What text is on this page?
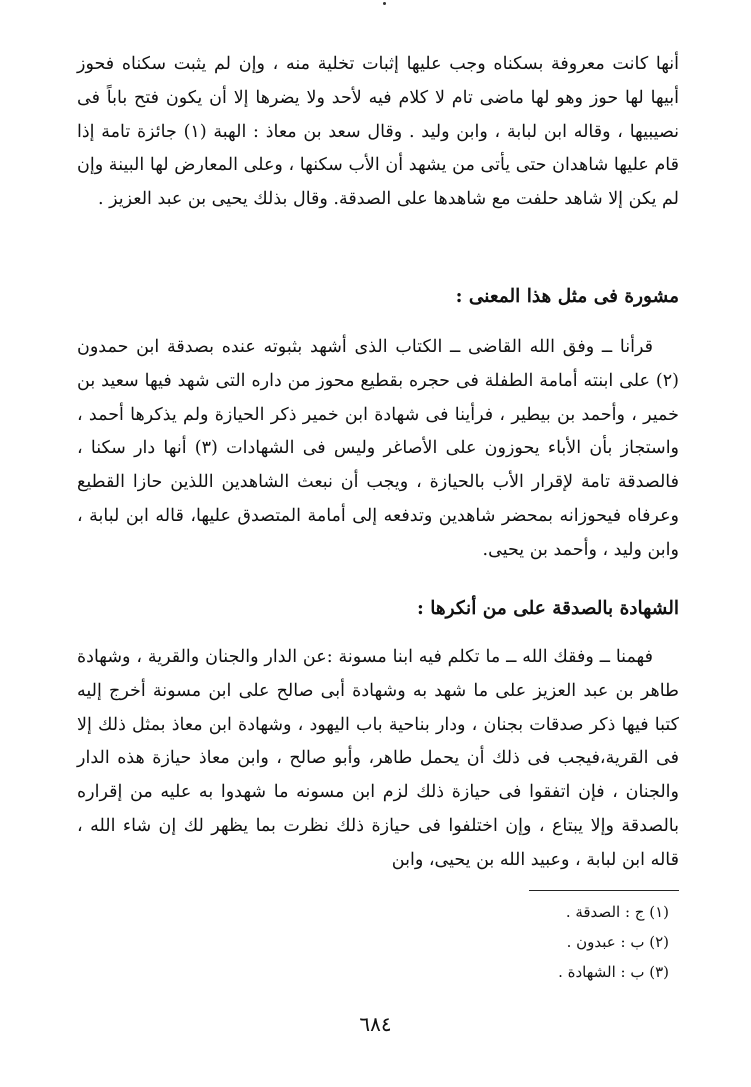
أنها كانت معروفة بسكناه وجب عليها إثبات تخلية منه ، وإن لم يثبت سكناه فحوز أبيها لها حوز وهو لها ماضى تام لا كلام فيه لأحد ولا يضرها إلا أن يكون فتح باباً فى نصيبيها ، وقاله ابن لبابة ، وابن وليد . وقال سعد بن معاذ : الهبة (١) جائزة تامة إذا قام عليها شاهدان حتى يأتى من يشهد أن الأب سكنها ، وعلى المعارض لها البينة وإن لم يكن إلا شاهد حلفت مع شاهدها على الصدقة. وقال بذلك يحيى بن عبد العزيز .

مشورة فى مثل هذا المعنى :

قرأنا ــ وفق الله القاضى ــ الكتاب الذى أشهد بثبوته عنده بصدقة ابن حمدون (٢) على ابنته أمامة الطفلة فى حجره بقطيع محوز من داره التى شهد فيها سعيد بن خمير ، وأحمد بن بيطير ، فرأينا فى شهادة ابن خمير ذكر الحيازة ولم يذكرها أحمد ، واستجاز بأن الأباء يحوزون على الأصاغر وليس فى الشهادات (٣) أنها دار سكنا ، فالصدقة تامة لإقرار الأب بالحيازة ، ويجب أن نبعث الشاهدين اللذين حازا القطيع وعرفاه فيحوزانه بمحضر شاهدين وتدفعه إلى أمامة المتصدق عليها، قاله ابن لبابة ، وابن وليد ، وأحمد بن يحيى.

الشهادة بالصدقة على من أنكرها :

فهمنا ــ وفقك الله ــ ما تكلم فيه ابنا مسونة :عن الدار والجنان والقرية ، وشهادة طاهر بن عبد العزيز على ما شهد به وشهادة أبى صالح على ابن مسونة أخرج إليه كتبا فيها ذكر صدقات بجنان ، ودار بناحية باب اليهود ، وشهادة ابن معاذ بمثل ذلك إلا فى القرية،فيجب فى ذلك أن يحمل طاهر، وأبو صالح ، وابن معاذ حيازة هذه الدار والجنان ، فإن اتفقوا فى حيازة ذلك لزم ابن مسونه ما شهدوا به عليه من إقراره بالصدقة وإلا يبتاع ، وإن اختلفوا فى حيازة ذلك نظرت بما يظهر لك إن شاء الله ، قاله ابن لبابة ، وعبيد الله بن يحيى، وابن

(١) ج : الصدقة .
(٢) ب : عبدون .
(٣) ب : الشهادة .
٦٨٤
